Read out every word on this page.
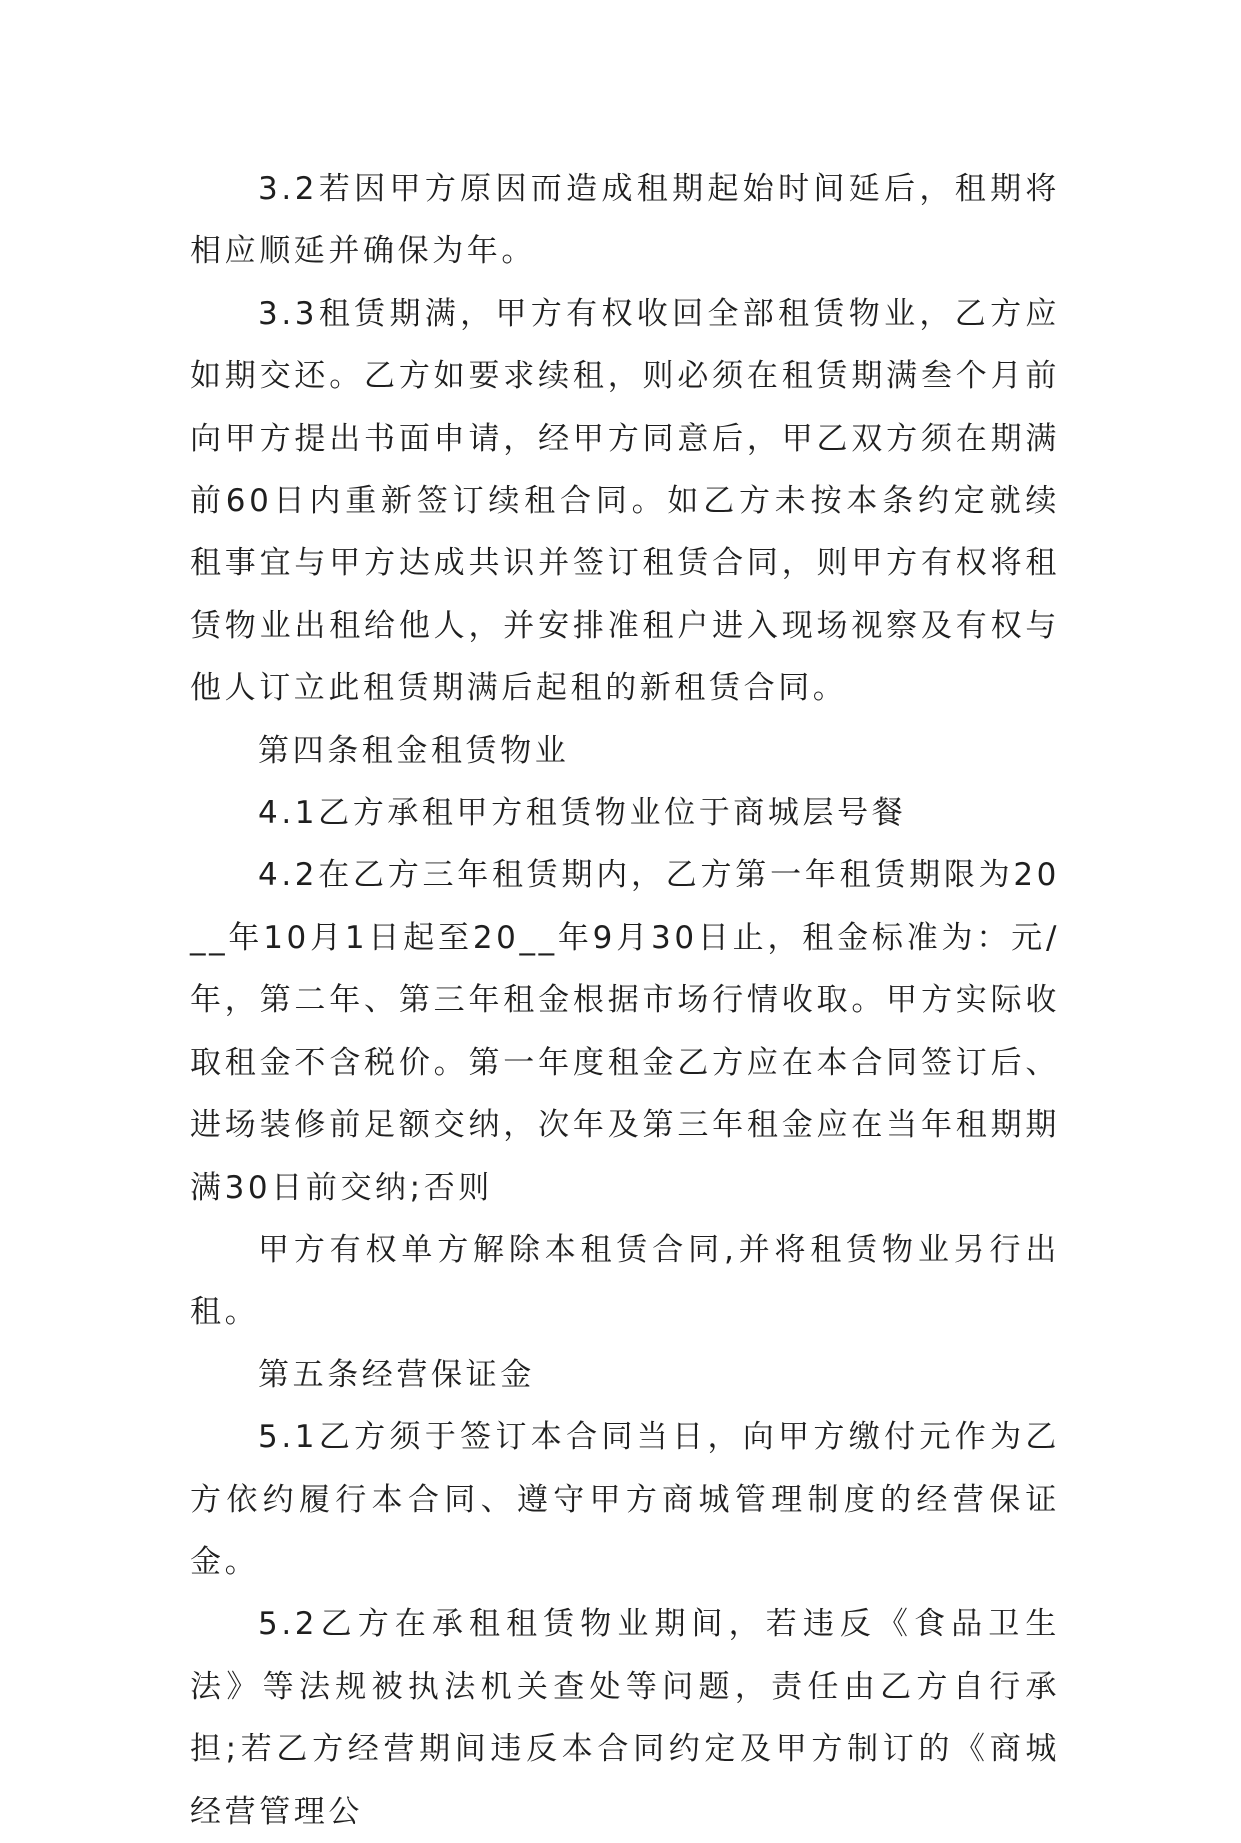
3.2若因甲方原因而造成租期起始时间延后，租期将相应顺延并确保为年。

3.3租赁期满，甲方有权收回全部租赁物业，乙方应如期交还。乙方如要求续租，则必须在租赁期满叁个月前向甲方提出书面申请，经甲方同意后，甲乙双方须在期满前60日内重新签订续租合同。如乙方未按本条约定就续租事宜与甲方达成共识并签订租赁合同，则甲方有权将租赁物业出租给他人，并安排准租户进入现场视察及有权与他人订立此租赁期满后起租的新租赁合同。

第四条租金租赁物业

4.1乙方承租甲方租赁物业位于商城层号餐

4.2在乙方三年租赁期内，乙方第一年租赁期限为20__年10月1日起至20__年9月30日止，租金标准为：元/年，第二年、第三年租金根据市场行情收取。甲方实际收取租金不含税价。第一年度租金乙方应在本合同签订后、进场装修前足额交纳，次年及第三年租金应在当年租期期满30日前交纳;否则

甲方有权单方解除本租赁合同,并将租赁物业另行出租。

第五条经营保证金

5.1乙方须于签订本合同当日，向甲方缴付元作为乙方依约履行本合同、遵守甲方商城管理制度的经营保证金。

5.2乙方在承租租赁物业期间，若违反《食品卫生法》等法规被执法机关查处等问题，责任由乙方自行承担;若乙方经营期间违反本合同约定及甲方制订的《商城经营管理公
